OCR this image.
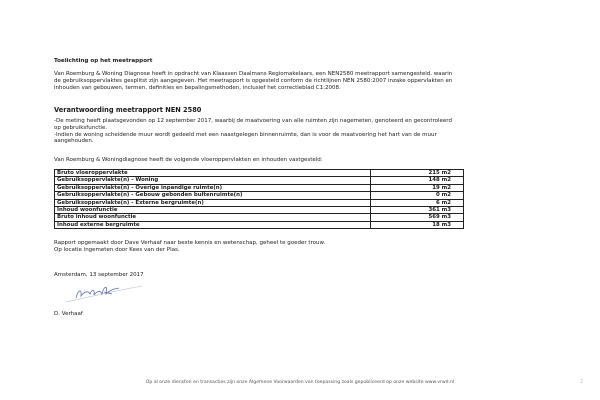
Toelichting op het meetrapport
Van Roemburg & Woning Diagnose heeft in opdracht van Klaassen Daalmans Regiomakelaars, een NEN2580 meetrapport samengesteld, waarin de gebruiksoppervlaktes gesplitst zijn aangegeven. Het meetrapport is opgesteld conform de richtlijnen NEN 2580:2007 inzake oppervlakten en inhouden van gebouwen, termen, definities en bepalingsmethoden, inclusief het correctieblad C1:2008.
Verantwoording meetrapport NEN 2580
-De meting heeft plaatsgevonden op 12 september 2017, waarbij de maatvoering van alle ruimten zijn nagemeten, genoteerd en gecontroleerd op gebruiksfunctie.
-Indien de woning scheidende muur wordt gedeeld met een naastgelegen binnenruimte, dan is voor de maatvoering het hart van de muur aangehouden.
Van Roemburg & Woningdiagnose heeft de volgende vloeroppervlakten en inhouden vastgesteld:
Bruto vloeroppervlakte	215 m2
Gebruiksoppervlakte(n) - Woning	148 m2
Gebruiksoppervlakte(n) - Overige inpandige ruimte(n)	19 m2
Gebruiksoppervlakte(n) - Gebouw gebonden buitenruimte(n)	0 m2
Gebruiksoppervlakte(n) - Externe bergruimte(n)	6 m2
Inhoud woonfunctie	361 m3
Bruto inhoud woonfunctie	569 m3
Inhoud externe bergruimte	18 m3
Rapport opgemaakt door Dave Verhaaf naar beste kennis en wetenschap, geheel te goeder trouw.
Op locatie ingemeten door Kees van der Plas.
Amsterdam, 13 september 2017
D. Verhaaf
Op al onze diensten en transacties zijn onze Algemene Voorwaarden van toepassing zoals gepubliceerd op onze website www.vrwd.nl	2
